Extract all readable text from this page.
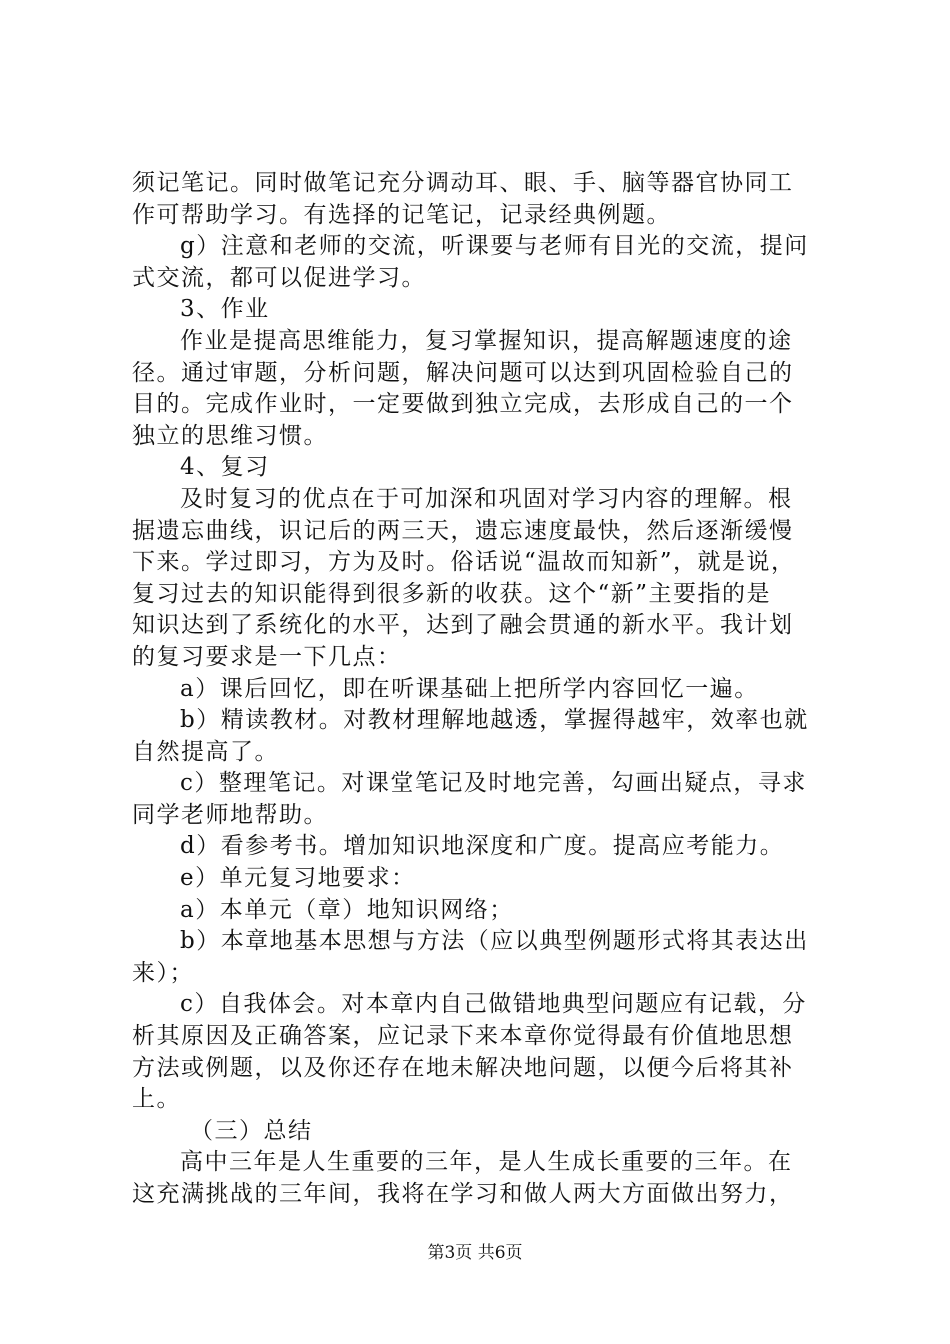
须记笔记。同时做笔记充分调动耳、眼、手、脑等器官协同工
作可帮助学习。有选择的记笔记，记录经典例题。
g）注意和老师的交流，听课要与老师有目光的交流，提问
式交流，都可以促进学习。
3、作业
作业是提高思维能力，复习掌握知识，提高解题速度的途
径。通过审题，分析问题，解决问题可以达到巩固检验自己的
目的。完成作业时，一定要做到独立完成，去形成自己的一个
独立的思维习惯。
4、复习
及时复习的优点在于可加深和巩固对学习内容的理解。根
据遗忘曲线，识记后的两三天，遗忘速度最快，然后逐渐缓慢
下来。学过即习，方为及时。俗话说“温故而知新”，就是说，
复习过去的知识能得到很多新的收获。这个“新”主要指的是
知识达到了系统化的水平，达到了融会贯通的新水平。我计划
的复习要求是一下几点：
a）课后回忆，即在听课基础上把所学内容回忆一遍。
b）精读教材。对教材理解地越透，掌握得越牢，效率也就
自然提高了。
c）整理笔记。对课堂笔记及时地完善，勾画出疑点，寻求
同学老师地帮助。
d）看参考书。增加知识地深度和广度。提高应考能力。
e）单元复习地要求：
a）本单元（章）地知识网络；
b）本章地基本思想与方法（应以典型例题形式将其表达出
来）；
c）自我体会。对本章内自己做错地典型问题应有记载，分
析其原因及正确答案，应记录下来本章你觉得最有价值地思想
方法或例题，以及你还存在地未解决地问题，以便今后将其补
上。
（三）总结
高中三年是人生重要的三年，是人生成长重要的三年。在
这充满挑战的三年间，我将在学习和做人两大方面做出努力，
第3页 共6页
